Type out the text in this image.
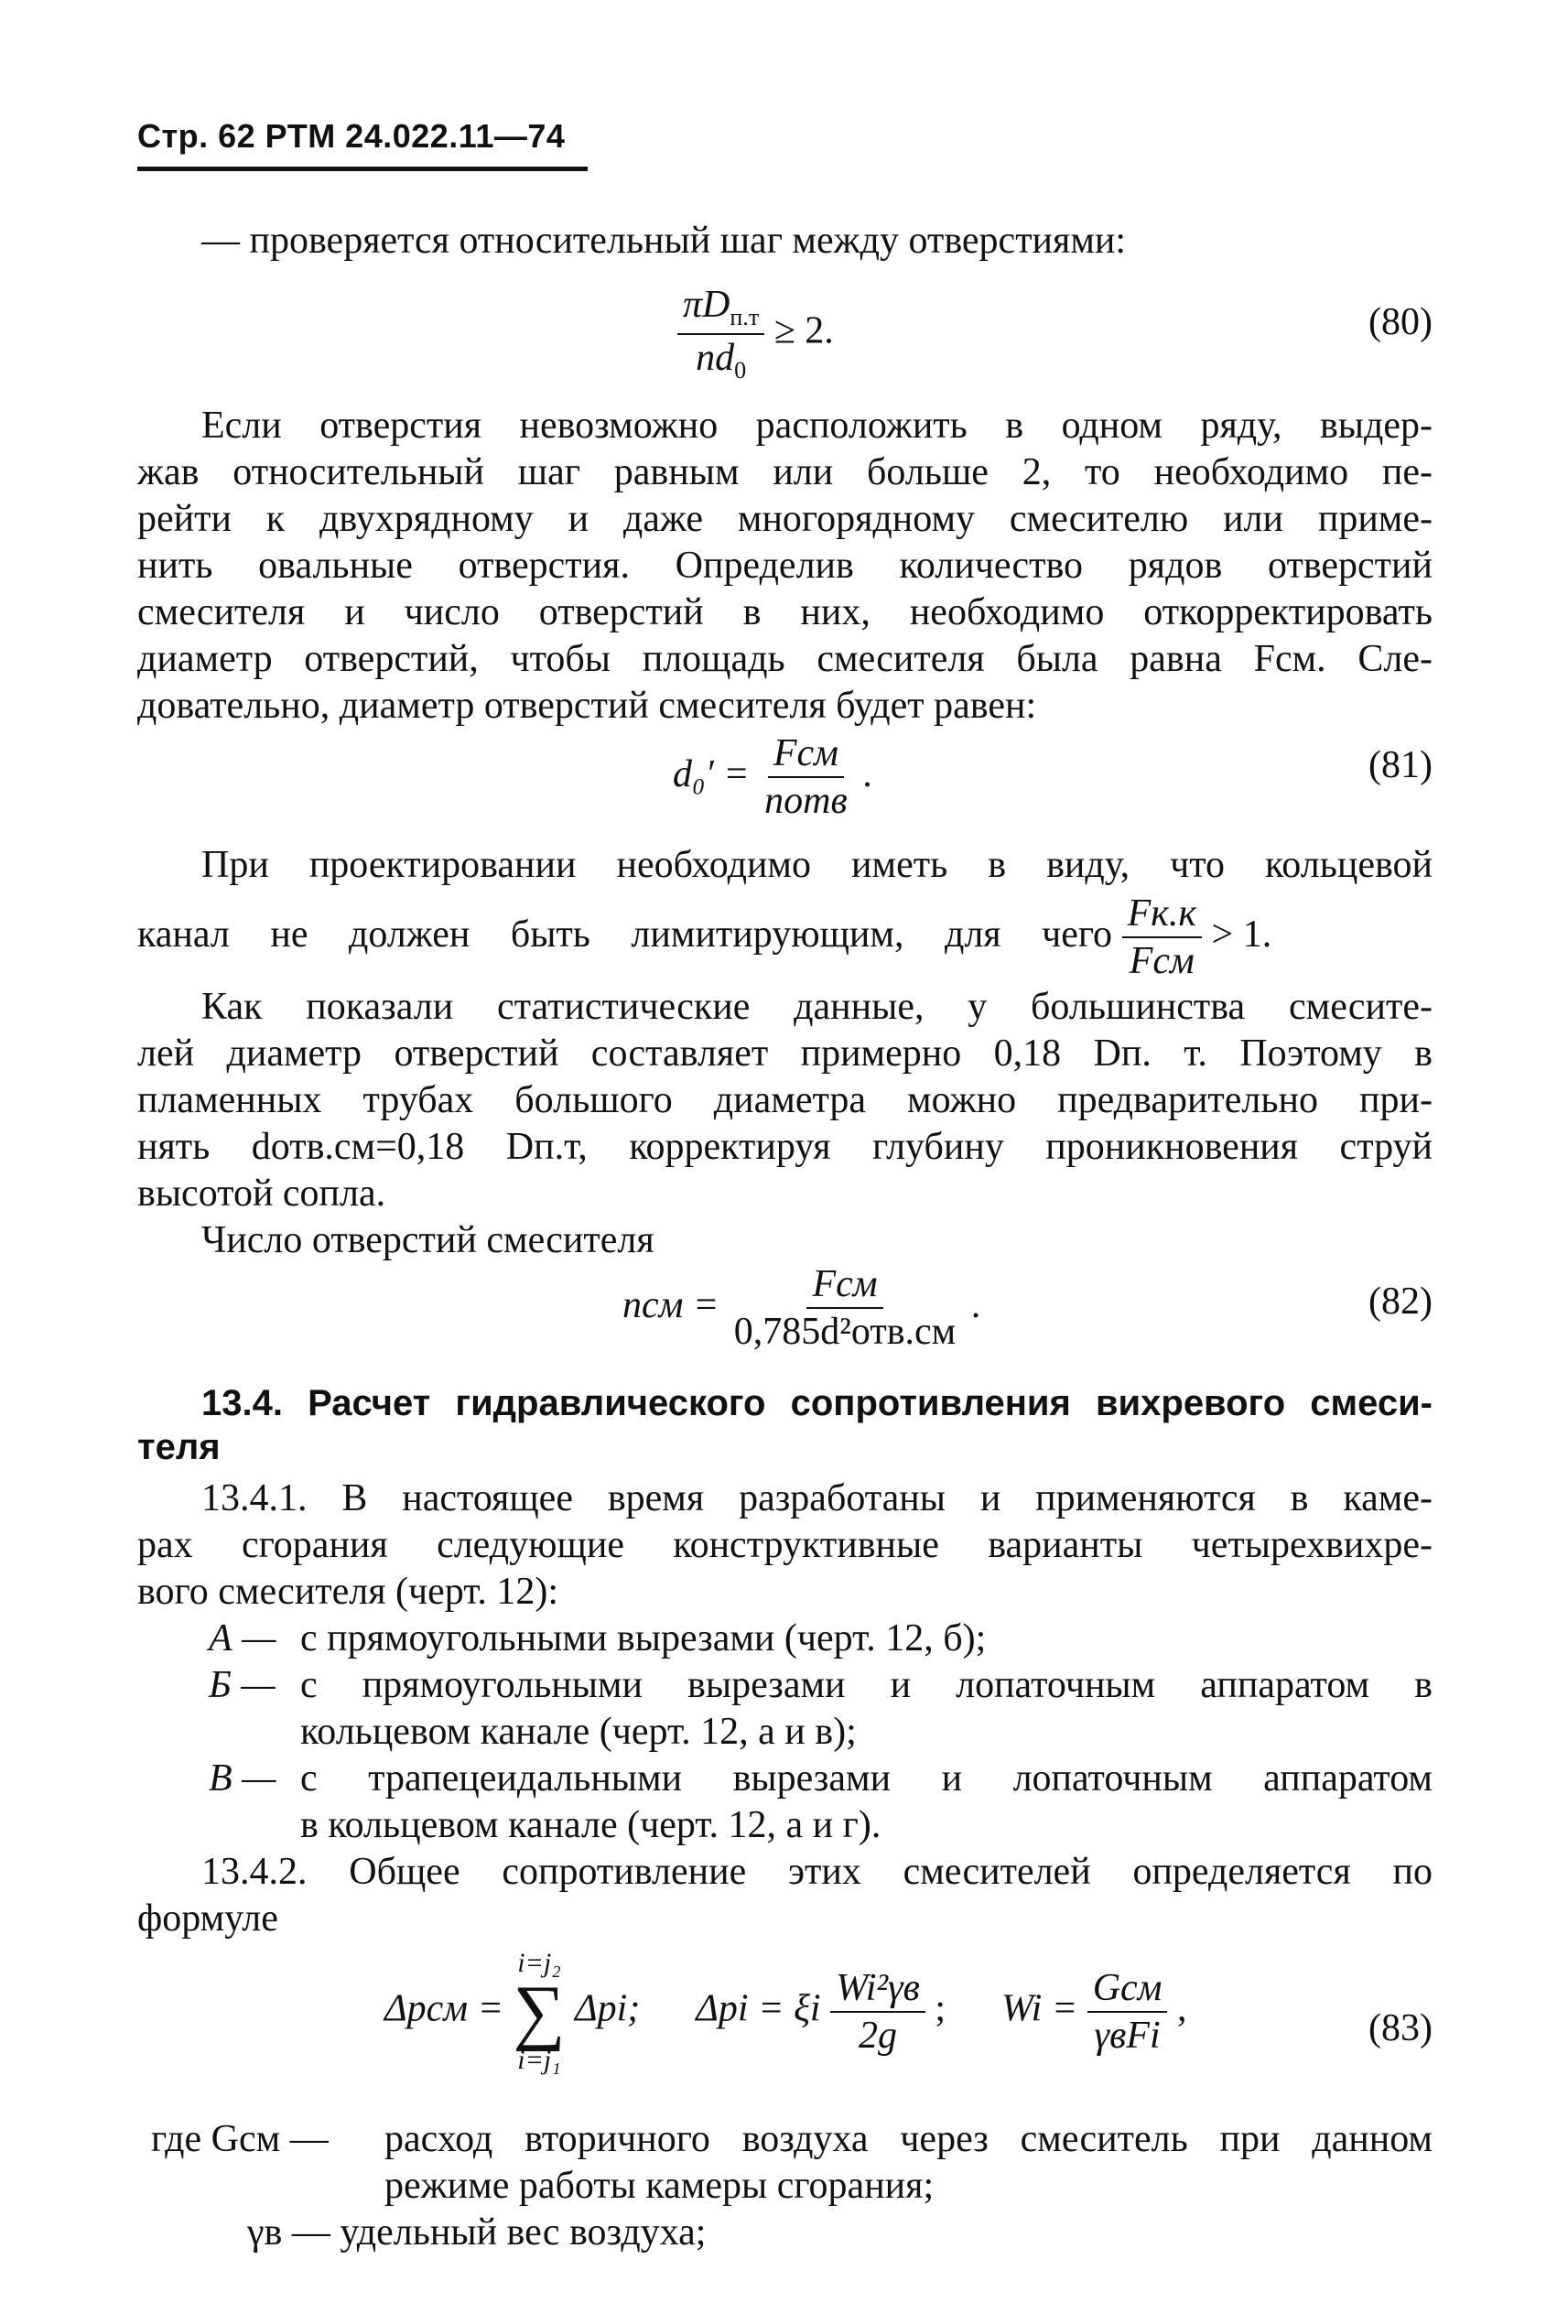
Стр. 62 РТМ 24.022.11—74
— проверяется относительный шаг между отверстиями:
$\frac{\pi D_{п.т}}{nd_0} \ge 2$.	(80)
Если отверстия невозможно расположить в одном ряду, выдер-
жав относительный шаг равным или больше 2, то необходимо пе-
рейти к двухрядному и даже многорядному смесителю или приме-
нить овальные отверстия. Определив количество рядов отверстий
смесителя и число отверстий в них, необходимо откорректировать
диаметр отверстий, чтобы площадь смесителя была равна Fсм. Сле-
довательно, диаметр отверстий смесителя будет равен:
$d_0' = \frac{\text{Fсм}}{\text{nотв}}$ .	(81)
При проектировании необходимо иметь в виду, что кольцевой
канал не должен быть лимитирующим, для чего $\frac{Fк.к}{\text{Fсм}} > 1$.
Как показали статистические данные, у большинства смесите-
лей диаметр отверстий составляет примерно 0,18 Dп. т. Поэтому в
пламенных трубах большого диаметра можно предварительно при-
нять dотв.см=0,18 Dп.т, корректируя глубину проникновения струй
высотой сопла.
Число отверстий смесителя
nсм = $\frac{\text{Fсм}}{\text{0,785d²отв.см}}$ .	(82)
13.4. Расчет гидравлического сопротивления вихревого смеси-
теля
13.4.1. В настоящее время разработаны и применяются в каме-
рах сгорания следующие конструктивные варианты четырехвихре-
вого смесителя (черт. 12):
А — с прямоугольными вырезами (черт. 12, б);
Б — с прямоугольными вырезами и лопаточным аппаратом в
кольцевом канале (черт. 12, а и в);
В — с трапецеидальными вырезами и лопаточным аппаратом
в кольцевом канале (черт. 12, а и г).
13.4.2. Общее сопротивление этих смесителей определяется по
формуле
Δpсм =
i=j₂
∑
i=j₁
Δpi; Δpi = ξi $\frac{\text{Wi²γв}}{2g}$ ; $Wi = \frac{\text{Gсм}}{\text{γвFi}}$ ,	(83)
где Gсм —	расход вторичного воздуха через смеситель при данном
режиме работы камеры сгорания;
γв — удельный вес воздуха;
